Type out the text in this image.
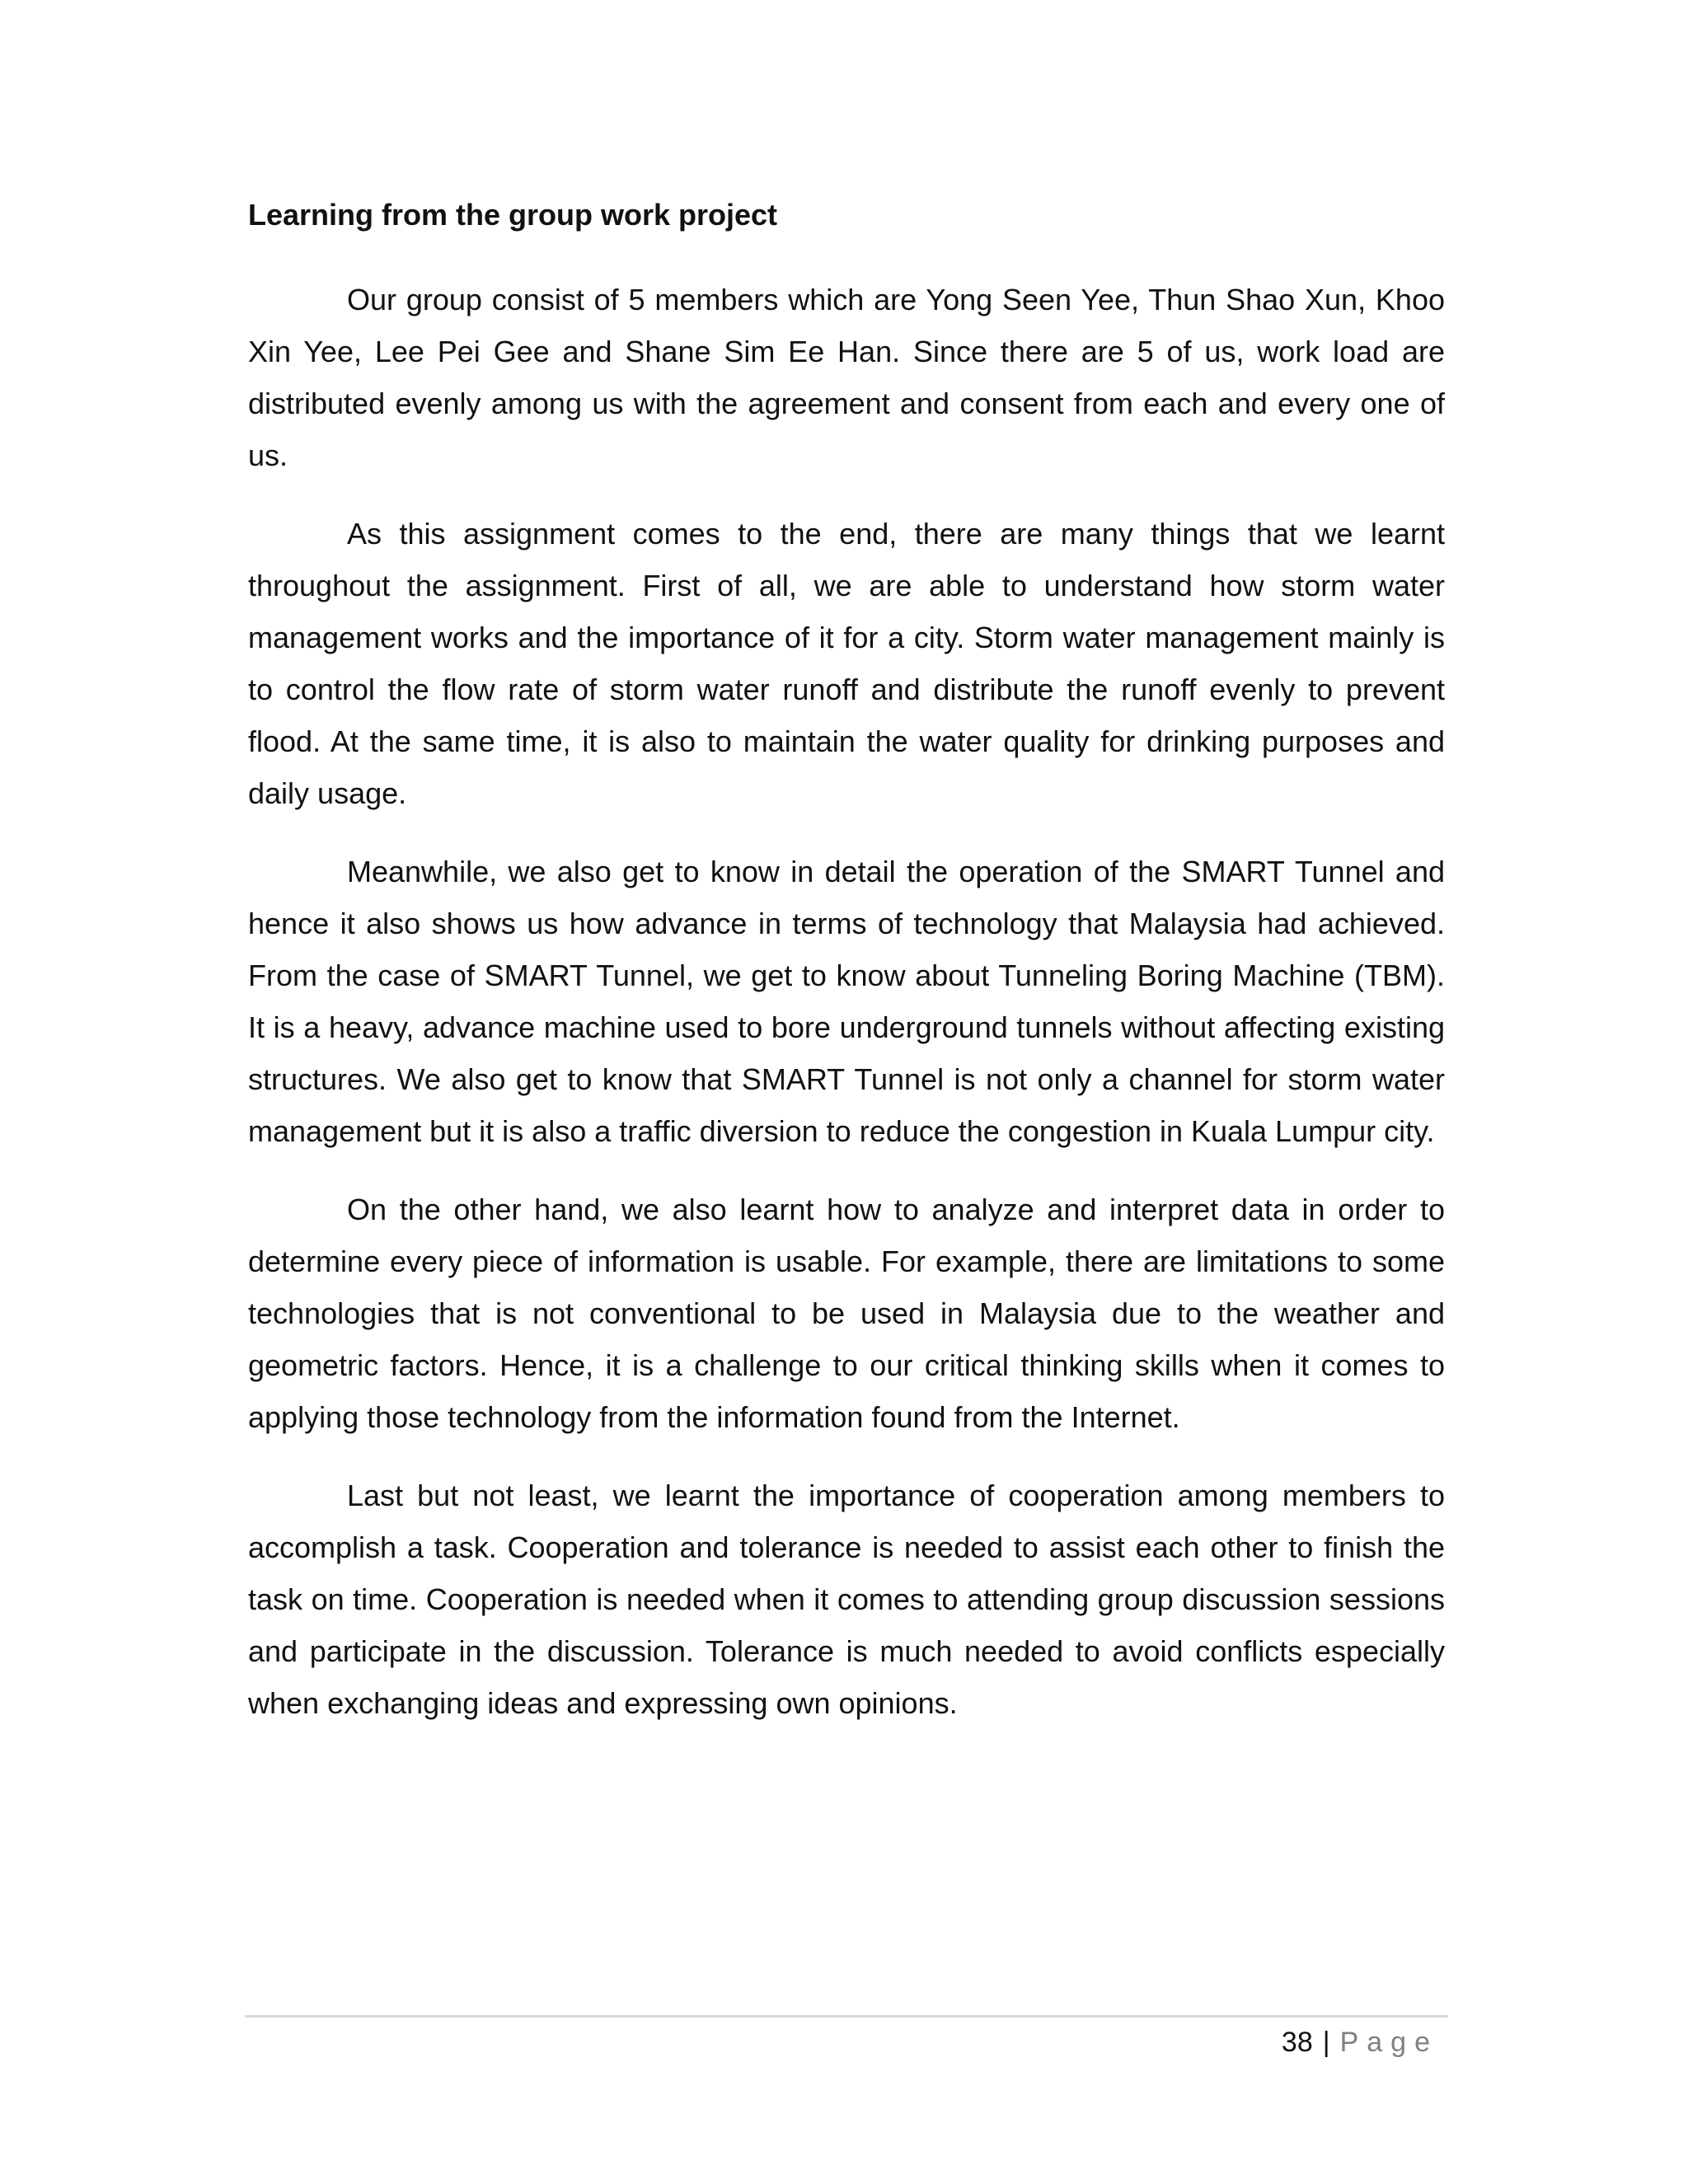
Learning from the group work project

Our group consist of 5 members which are Yong Seen Yee, Thun Shao Xun, Khoo Xin Yee, Lee Pei Gee and Shane Sim Ee Han. Since there are 5 of us, work load are distributed evenly among us with the agreement and consent from each and every one of us.

As this assignment comes to the end, there are many things that we learnt throughout the assignment. First of all, we are able to understand how storm water management works and the importance of it for a city. Storm water management mainly is to control the flow rate of storm water runoff and distribute the runoff evenly to prevent flood. At the same time, it is also to maintain the water quality for drinking purposes and daily usage.

Meanwhile, we also get to know in detail the operation of the SMART Tunnel and hence it also shows us how advance in terms of technology that Malaysia had achieved. From the case of SMART Tunnel, we get to know about Tunneling Boring Machine (TBM). It is a heavy, advance machine used to bore underground tunnels without affecting existing structures. We also get to know that SMART Tunnel is not only a channel for storm water management but it is also a traffic diversion to reduce the congestion in Kuala Lumpur city.

On the other hand, we also learnt how to analyze and interpret data in order to determine every piece of information is usable. For example, there are limitations to some technologies that is not conventional to be used in Malaysia due to the weather and geometric factors. Hence, it is a challenge to our critical thinking skills when it comes to applying those technology from the information found from the Internet.

Last but not least, we learnt the importance of cooperation among members to accomplish a task. Cooperation and tolerance is needed to assist each other to finish the task on time. Cooperation is needed when it comes to attending group discussion sessions and participate in the discussion. Tolerance is much needed to avoid conflicts especially when exchanging ideas and expressing own opinions.

38 | Page
